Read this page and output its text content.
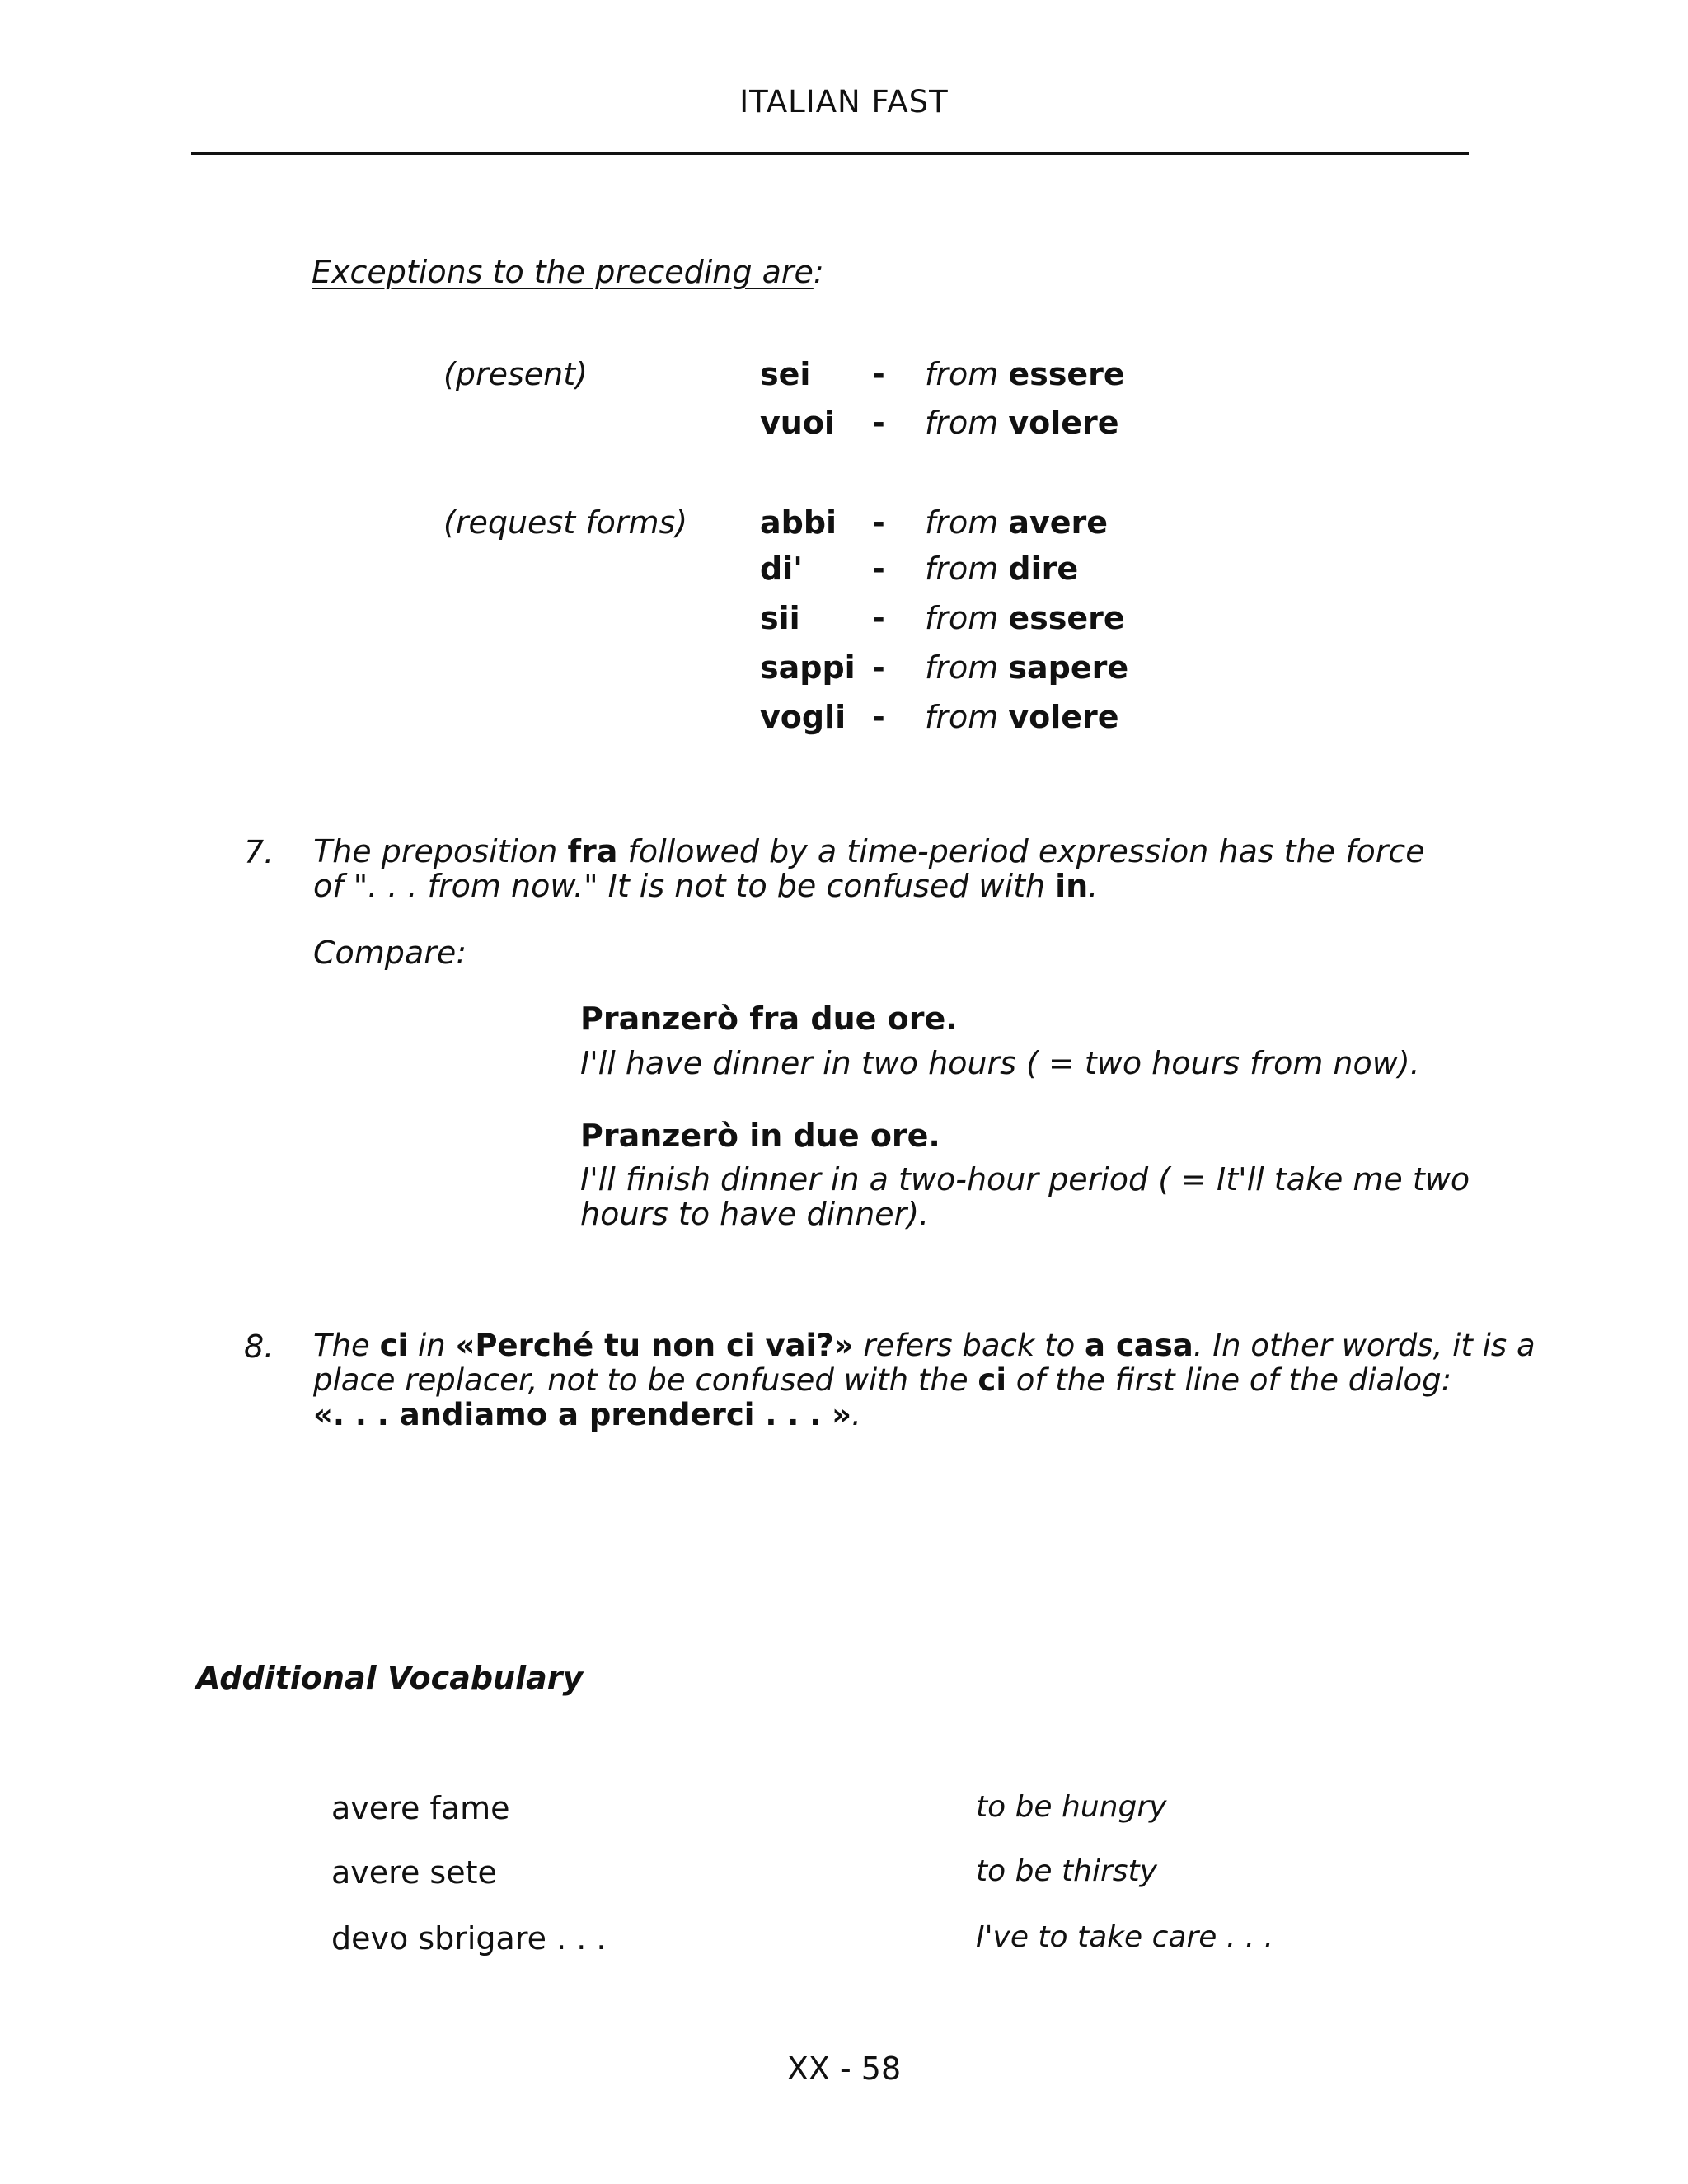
ITALIAN FAST
Exceptions to the preceding are:
(present)	sei - from essere
vuoi - from volere
(request forms) abbi - from avere
di' - from dire
sii - from essere
sappi - from sapere
vogli - from volere
7. The preposition fra followed by a time-period expression has the force
of ". . . from now." It is not to be confused with in.
Compare:
Pranzerò fra due ore.
I'll have dinner in two hours ( = two hours from now).
Pranzerò in due ore.
I'll finish dinner in a two-hour period ( = It'll take me two
hours to have dinner).
8. The ci in «Perché tu non ci vai?» refers back to a casa. In other words, it is a
place replacer, not to be confused with the ci of the first line of the dialog:
«. . . andiamo a prenderci . . . ».
Additional Vocabulary
avere fame	to be hungry
avere sete	to be thirsty
devo sbrigare . . .	I've to take care . . .
XX - 58
